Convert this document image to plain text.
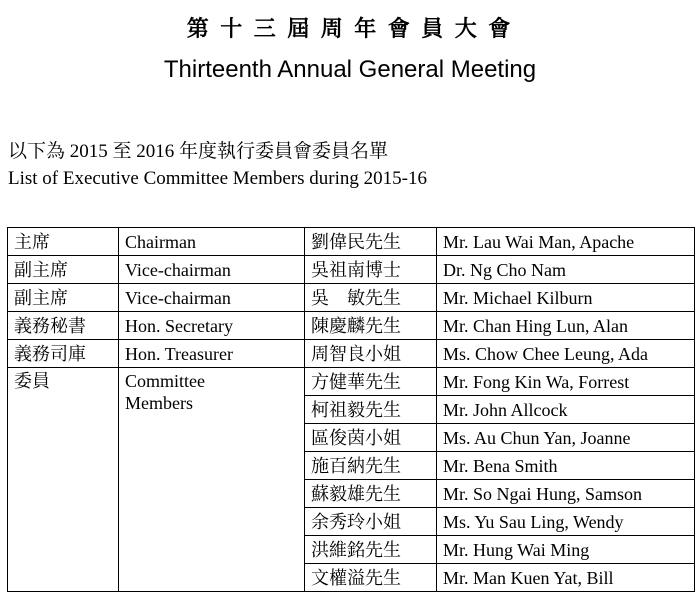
第 十 三 屆 周 年 會 員 大 會
Thirteenth Annual General Meeting
以下為 2015 至 2016 年度執行委員會委員名單
List of Executive Committee Members during 2015-16
主席	Chairman	劉偉民先生	Mr. Lau Wai Man, Apache
副主席	Vice-chairman	吳祖南博士	Dr. Ng Cho Nam
副主席	Vice-chairman	吳　敏先生	Mr. Michael Kilburn
義務秘書	Hon. Secretary	陳慶麟先生	Mr. Chan Hing Lun, Alan
義務司庫	Hon. Treasurer	周智良小姐	Ms. Chow Chee Leung, Ada
委員	Committee Members	方健華先生	Mr. Fong Kin Wa, Forrest
		柯祖毅先生	Mr. John Allcock
		區俊茵小姐	Ms. Au Chun Yan, Joanne
		施百納先生	Mr. Bena Smith
		蘇毅雄先生	Mr. So Ngai Hung, Samson
		余秀玲小姐	Ms. Yu Sau Ling, Wendy
		洪維銘先生	Mr. Hung Wai Ming
		文權溢先生	Mr. Man Kuen Yat, Bill
